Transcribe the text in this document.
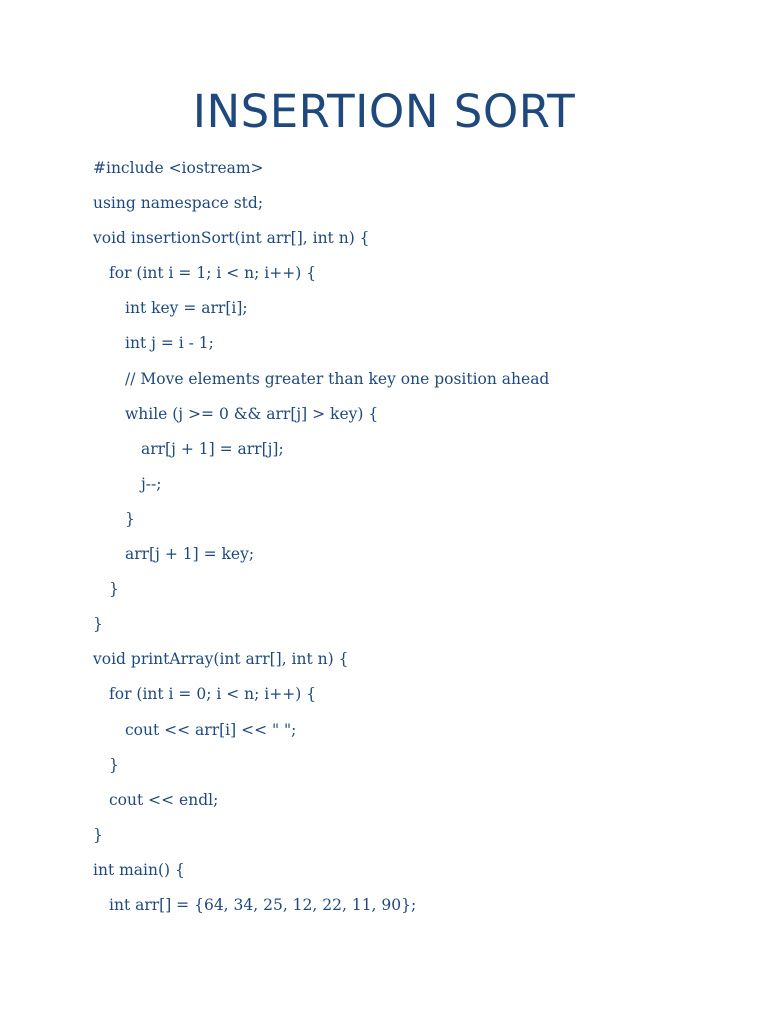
INSERTION SORT
#include <iostream>
using namespace std;
void insertionSort(int arr[], int n) {
for (int i = 1; i < n; i++) {
int key = arr[i];
int j = i - 1;
// Move elements greater than key one position ahead
while (j >= 0 && arr[j] > key) {
arr[j + 1] = arr[j];
j--;
}
arr[j + 1] = key;
}
}
void printArray(int arr[], int n) {
for (int i = 0; i < n; i++) {
cout << arr[i] << " ";
}
cout << endl;
}
int main() {
int arr[] = {64, 34, 25, 12, 22, 11, 90};
